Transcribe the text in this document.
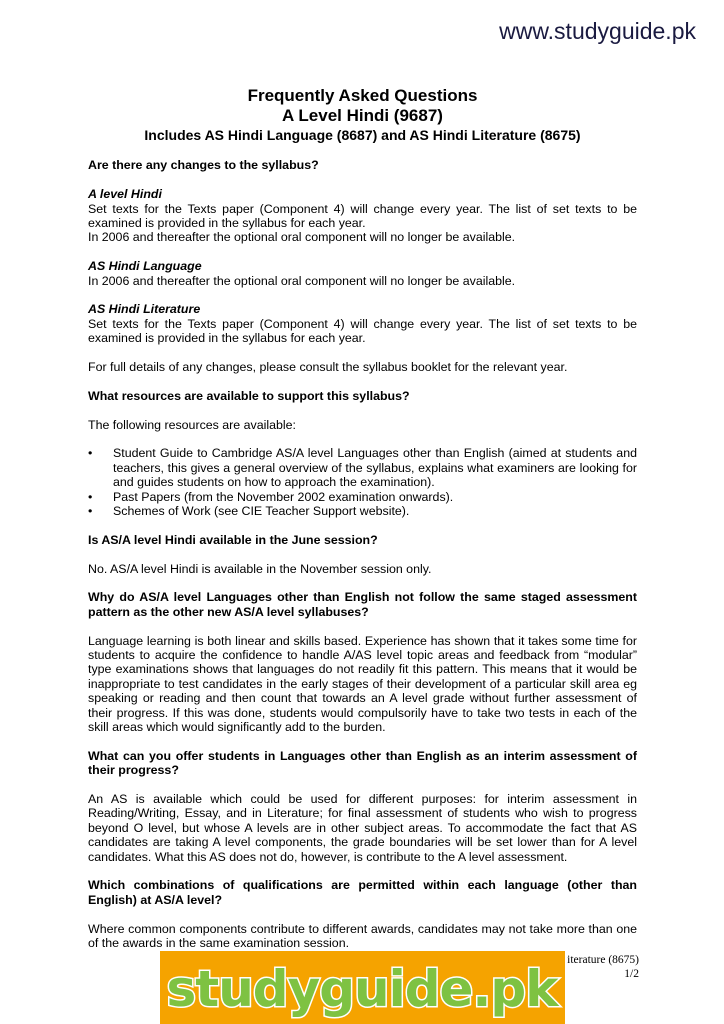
www.studyguide.pk

Frequently Asked Questions

A Level Hindi (9687)

Includes AS Hindi Language (8687) and AS Hindi Literature (8675)

Are there any changes to the syllabus?

A level Hindi

Set texts for the Texts paper (Component 4) will change every year. The list of set texts to be examined is provided in the syllabus for each year.

In 2006 and thereafter the optional oral component will no longer be available.

AS Hindi Language

In 2006 and thereafter the optional oral component will no longer be available.

AS Hindi Literature

Set texts for the Texts paper (Component 4) will change every year. The list of set texts to be examined is provided in the syllabus for each year.

For full details of any changes, please consult the syllabus booklet for the relevant year.

What resources are available to support this syllabus?

The following resources are available:

• Student Guide to Cambridge AS/A level Languages other than English (aimed at students and teachers, this gives a general overview of the syllabus, explains what examiners are looking for and guides students on how to approach the examination).
• Past Papers (from the November 2002 examination onwards).
• Schemes of Work (see CIE Teacher Support website).

Is AS/A level Hindi available in the June session?

No. AS/A level Hindi is available in the November session only.

Why do AS/A level Languages other than English not follow the same staged assessment pattern as the other new AS/A level syllabuses?

Language learning is both linear and skills based. Experience has shown that it takes some time for students to acquire the confidence to handle A/AS level topic areas and feedback from “modular” type examinations shows that languages do not readily fit this pattern. This means that it would be inappropriate to test candidates in the early stages of their development of a particular skill area eg speaking or reading and then count that towards an A level grade without further assessment of their progress. If this was done, students would compulsorily have to take two tests in each of the skill areas which would significantly add to the burden.

What can you offer students in Languages other than English as an interim assessment of their progress?

An AS is available which could be used for different purposes: for interim assessment in Reading/Writing, Essay, and in Literature; for final assessment of students who wish to progress beyond O level, but whose A levels are in other subject areas. To accommodate the fact that AS candidates are taking A level components, the grade boundaries will be set lower than for A level candidates. What this AS does not do, however, is contribute to the A level assessment.

Which combinations of qualifications are permitted within each language (other than English) at AS/A level?

Where common components contribute to different awards, candidates may not take more than one of the awards in the same examination session.

iterature (8675)
1/2
studyguide.pk
